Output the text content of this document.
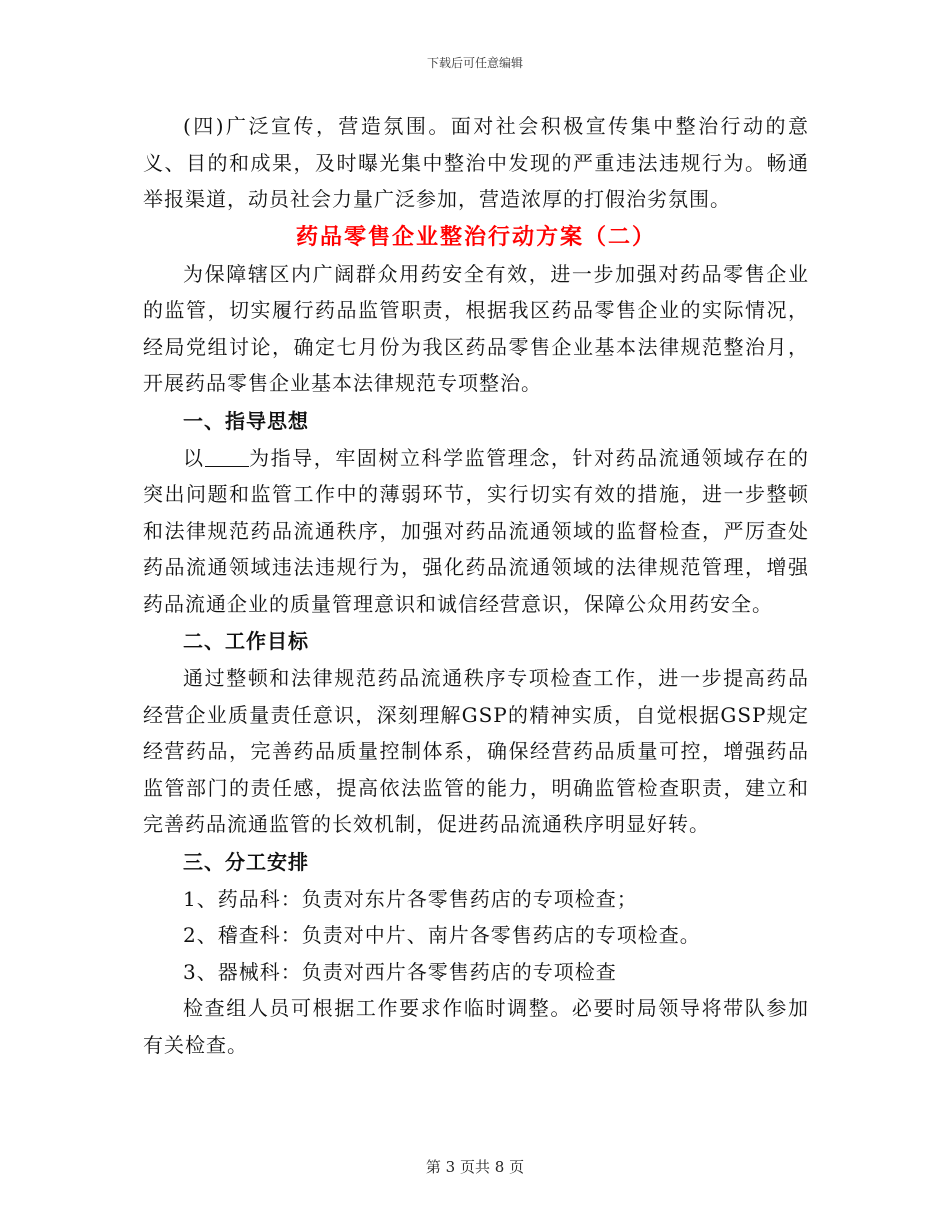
下载后可任意编辑

(四)广泛宣传，营造氛围。面对社会积极宣传集中整治行动的意义、目的和成果，及时曝光集中整治中发现的严重违法违规行为。畅通举报渠道，动员社会力量广泛参加，营造浓厚的打假治劣氛围。

药品零售企业整治行动方案（二）

为保障辖区内广阔群众用药安全有效，进一步加强对药品零售企业的监管，切实履行药品监管职责，根据我区药品零售企业的实际情况，经局党组讨论，确定七月份为我区药品零售企业基本法律规范整治月，开展药品零售企业基本法律规范专项整治。

一、指导思想

以 为指导，牢固树立科学监管理念，针对药品流通领域存在的突出问题和监管工作中的薄弱环节，实行切实有效的措施，进一步整顿和法律规范药品流通秩序，加强对药品流通领域的监督检查，严厉查处药品流通领域违法违规行为，强化药品流通领域的法律规范管理，增强药品流通企业的质量管理意识和诚信经营意识，保障公众用药安全。

二、工作目标

通过整顿和法律规范药品流通秩序专项检查工作，进一步提高药品经营企业质量责任意识，深刻理解GSP的精神实质，自觉根据GSP规定经营药品，完善药品质量控制体系，确保经营药品质量可控，增强药品监管部门的责任感，提高依法监管的能力，明确监管检查职责，建立和完善药品流通监管的长效机制，促进药品流通秩序明显好转。

三、分工安排

1、药品科：负责对东片各零售药店的专项检查；

2、稽查科：负责对中片、南片各零售药店的专项检查。

3、器械科：负责对西片各零售药店的专项检查

检查组人员可根据工作要求作临时调整。必要时局领导将带队参加有关检查。

第 3 页共 8 页
